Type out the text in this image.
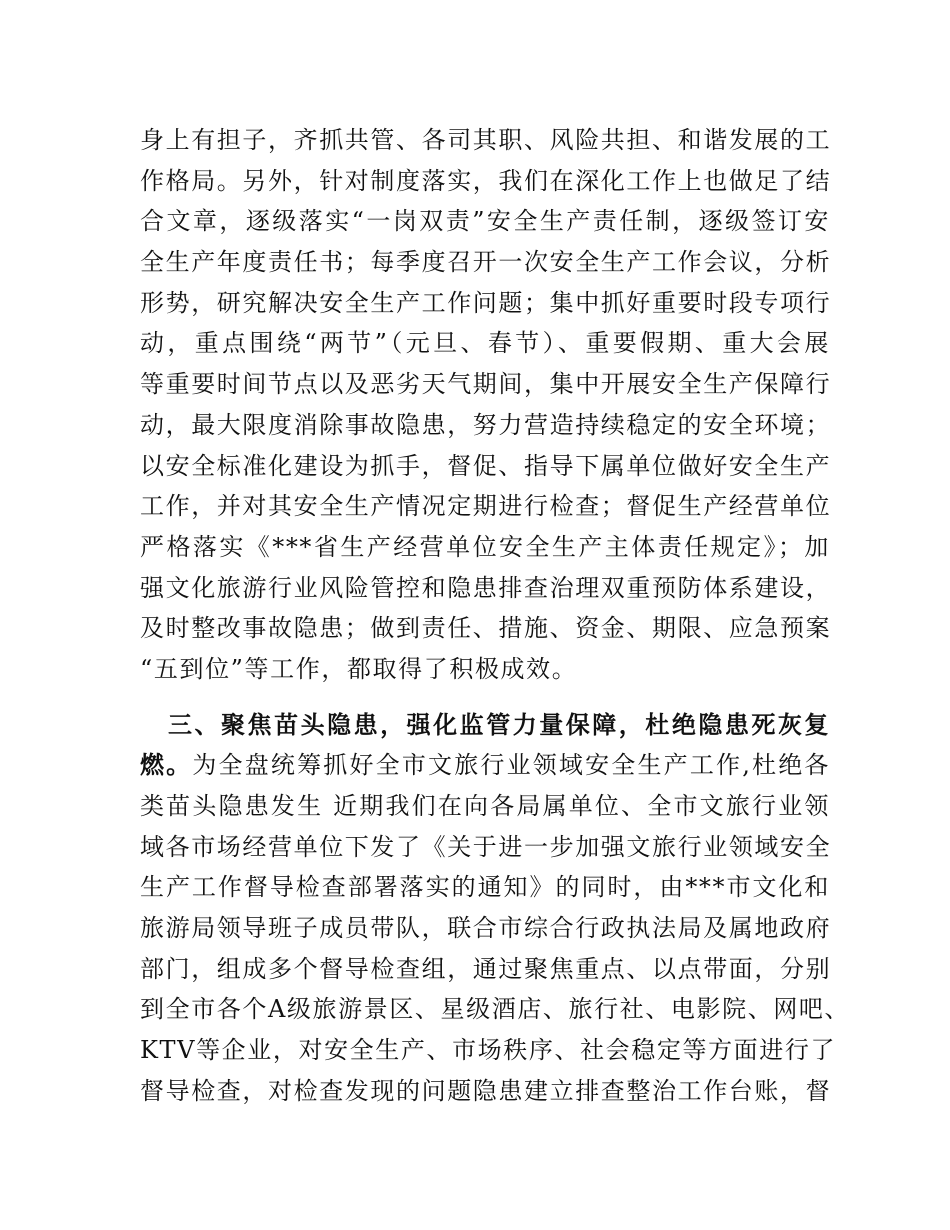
身上有担子，齐抓共管、各司其职、风险共担、和谐发展的工
作格局。另外，针对制度落实，我们在深化工作上也做足了结
合文章，逐级落实“一岗双责”安全生产责任制，逐级签订安
全生产年度责任书；每季度召开一次安全生产工作会议，分析
形势，研究解决安全生产工作问题；集中抓好重要时段专项行
动，重点围绕“两节”（元旦、春节）、重要假期、重大会展
等重要时间节点以及恶劣天气期间，集中开展安全生产保障行
动，最大限度消除事故隐患，努力营造持续稳定的安全环境；
以安全标准化建设为抓手，督促、指导下属单位做好安全生产
工作，并对其安全生产情况定期进行检查；督促生产经营单位
严格落实《***省生产经营单位安全生产主体责任规定》；加
强文化旅游行业风险管控和隐患排查治理双重预防体系建设，
及时整改事故隐患；做到责任、措施、资金、期限、应急预案
“五到位”等工作，都取得了积极成效。
三、聚焦苗头隐患，强化监管力量保障，杜绝隐患死灰复
燃。为全盘统筹抓好全市文旅行业领域安全生产工作,杜绝各
类苗头隐患发生 近期我们在向各局属单位、全市文旅行业领
域各市场经营单位下发了《关于进一步加强文旅行业领域安全
生产工作督导检查部署落实的通知》的同时，由***市文化和
旅游局领导班子成员带队，联合市综合行政执法局及属地政府
部门，组成多个督导检查组，通过聚焦重点、以点带面，分别
到全市各个A级旅游景区、星级酒店、旅行社、电影院、网吧、
KTV等企业，对安全生产、市场秩序、社会稳定等方面进行了
督导检查，对检查发现的问题隐患建立排查整治工作台账，督
